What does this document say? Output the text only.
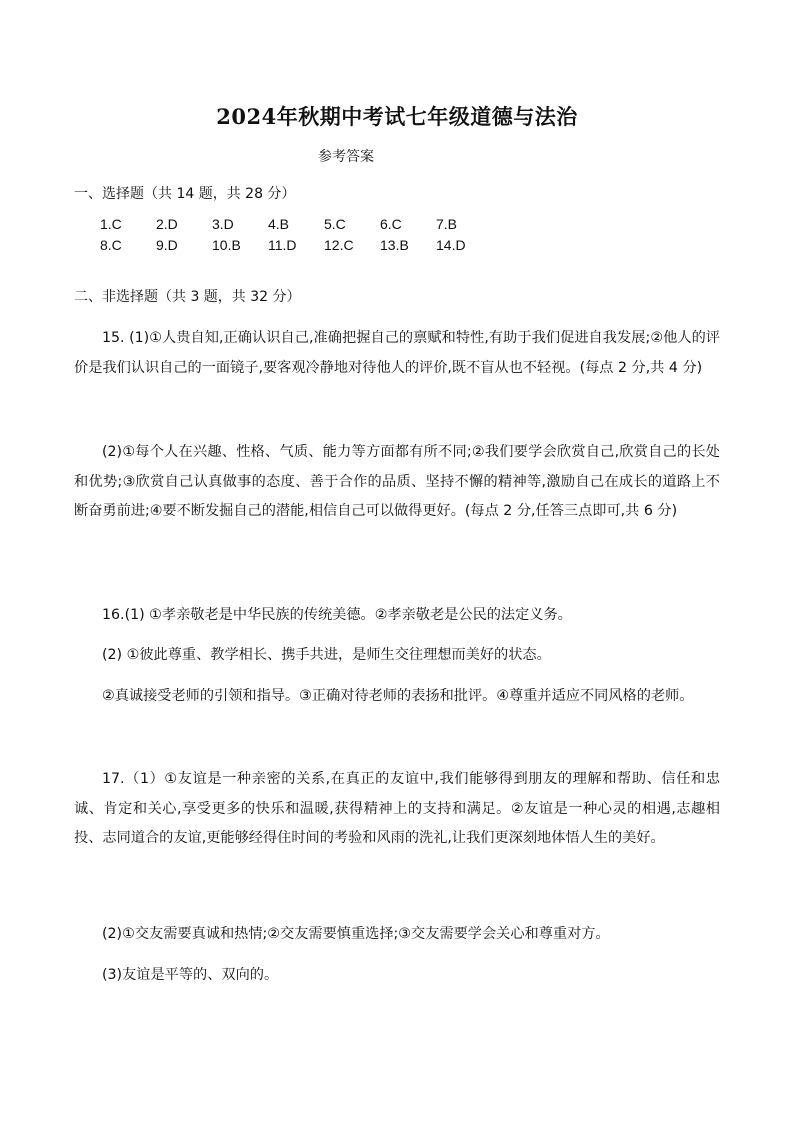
2024年秋期中考试七年级道德与法治
参考答案
一、选择题（共 14 题，共 28 分）
1.C 2.D 3.D 4.B 5.C 6.C 7.B
8.C 9.D 10.B 11.D 12.C 13.B 14.D
二、非选择题（共 3 题，共 32 分）
15. (1)①人贵自知,正确认识自己,准确把握自己的禀赋和特性,有助于我们促进自我发展;②他人的评价是我们认识自己的一面镜子,要客观冷静地对待他人的评价,既不盲从也不轻视。(每点 2 分,共 4 分)
(2)①每个人在兴趣、性格、气质、能力等方面都有所不同;②我们要学会欣赏自己,欣赏自己的长处和优势;③欣赏自己认真做事的态度、善于合作的品质、坚持不懈的精神等,激励自己在成长的道路上不断奋勇前进;④要不断发掘自己的潜能,相信自己可以做得更好。(每点 2 分,任答三点即可,共 6 分)
16.(1) ①孝亲敬老是中华民族的传统美德。②孝亲敬老是公民的法定义务。
(2) ①彼此尊重、教学相长、携手共进，是师生交往理想而美好的状态。
②真诚接受老师的引领和指导。③正确对待老师的表扬和批评。④尊重并适应不同风格的老师。
17.（1）①友谊是一种亲密的关系,在真正的友谊中,我们能够得到朋友的理解和帮助、信任和忠诚、肯定和关心,享受更多的快乐和温暖,获得精神上的支持和满足。②友谊是一种心灵的相遇,志趣相投、志同道合的友谊,更能够经得住时间的考验和风雨的洗礼,让我们更深刻地体悟人生的美好。
(2)①交友需要真诚和热情;②交友需要慎重选择;③交友需要学会关心和尊重对方。
(3)友谊是平等的、双向的。
